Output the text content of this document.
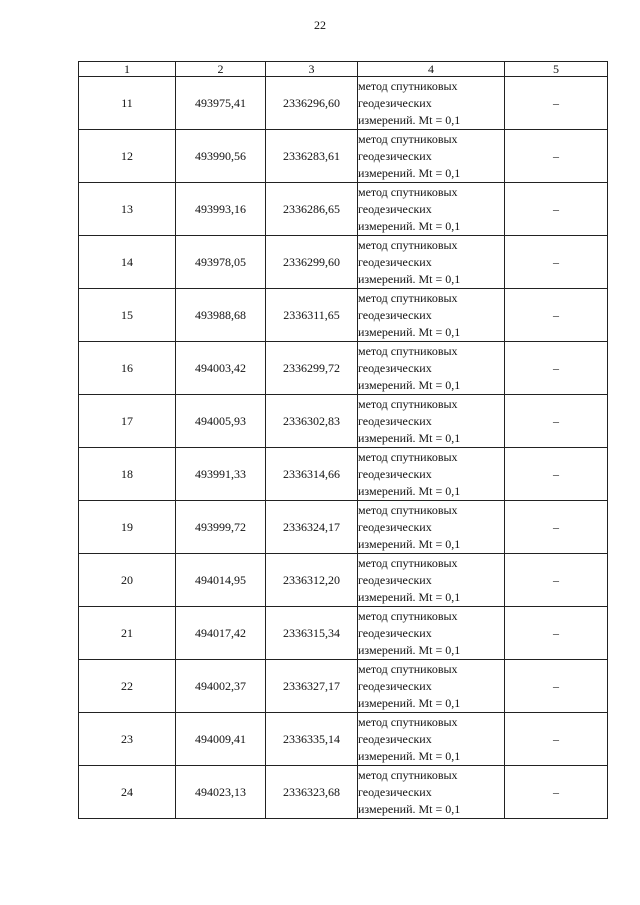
22
1	2	3	4	5
11	493975,41	2336296,60	метод спутниковых
геодезических
измерений. Mt = 0,1	–
12	493990,56	2336283,61	метод спутниковых
геодезических
измерений. Mt = 0,1	–
13	493993,16	2336286,65	метод спутниковых
геодезических
измерений. Mt = 0,1	–
14	493978,05	2336299,60	метод спутниковых
геодезических
измерений. Mt = 0,1	–
15	493988,68	2336311,65	метод спутниковых
геодезических
измерений. Mt = 0,1	–
16	494003,42	2336299,72	метод спутниковых
геодезических
измерений. Mt = 0,1	–
17	494005,93	2336302,83	метод спутниковых
геодезических
измерений. Mt = 0,1	–
18	493991,33	2336314,66	метод спутниковых
геодезических
измерений. Mt = 0,1	–
19	493999,72	2336324,17	метод спутниковых
геодезических
измерений. Mt = 0,1	–
20	494014,95	2336312,20	метод спутниковых
геодезических
измерений. Mt = 0,1	–
21	494017,42	2336315,34	метод спутниковых
геодезических
измерений. Mt = 0,1	–
22	494002,37	2336327,17	метод спутниковых
геодезических
измерений. Mt = 0,1	–
23	494009,41	2336335,14	метод спутниковых
геодезических
измерений. Mt = 0,1	–
24	494023,13	2336323,68	метод спутниковых
геодезических
измерений. Mt = 0,1	–
